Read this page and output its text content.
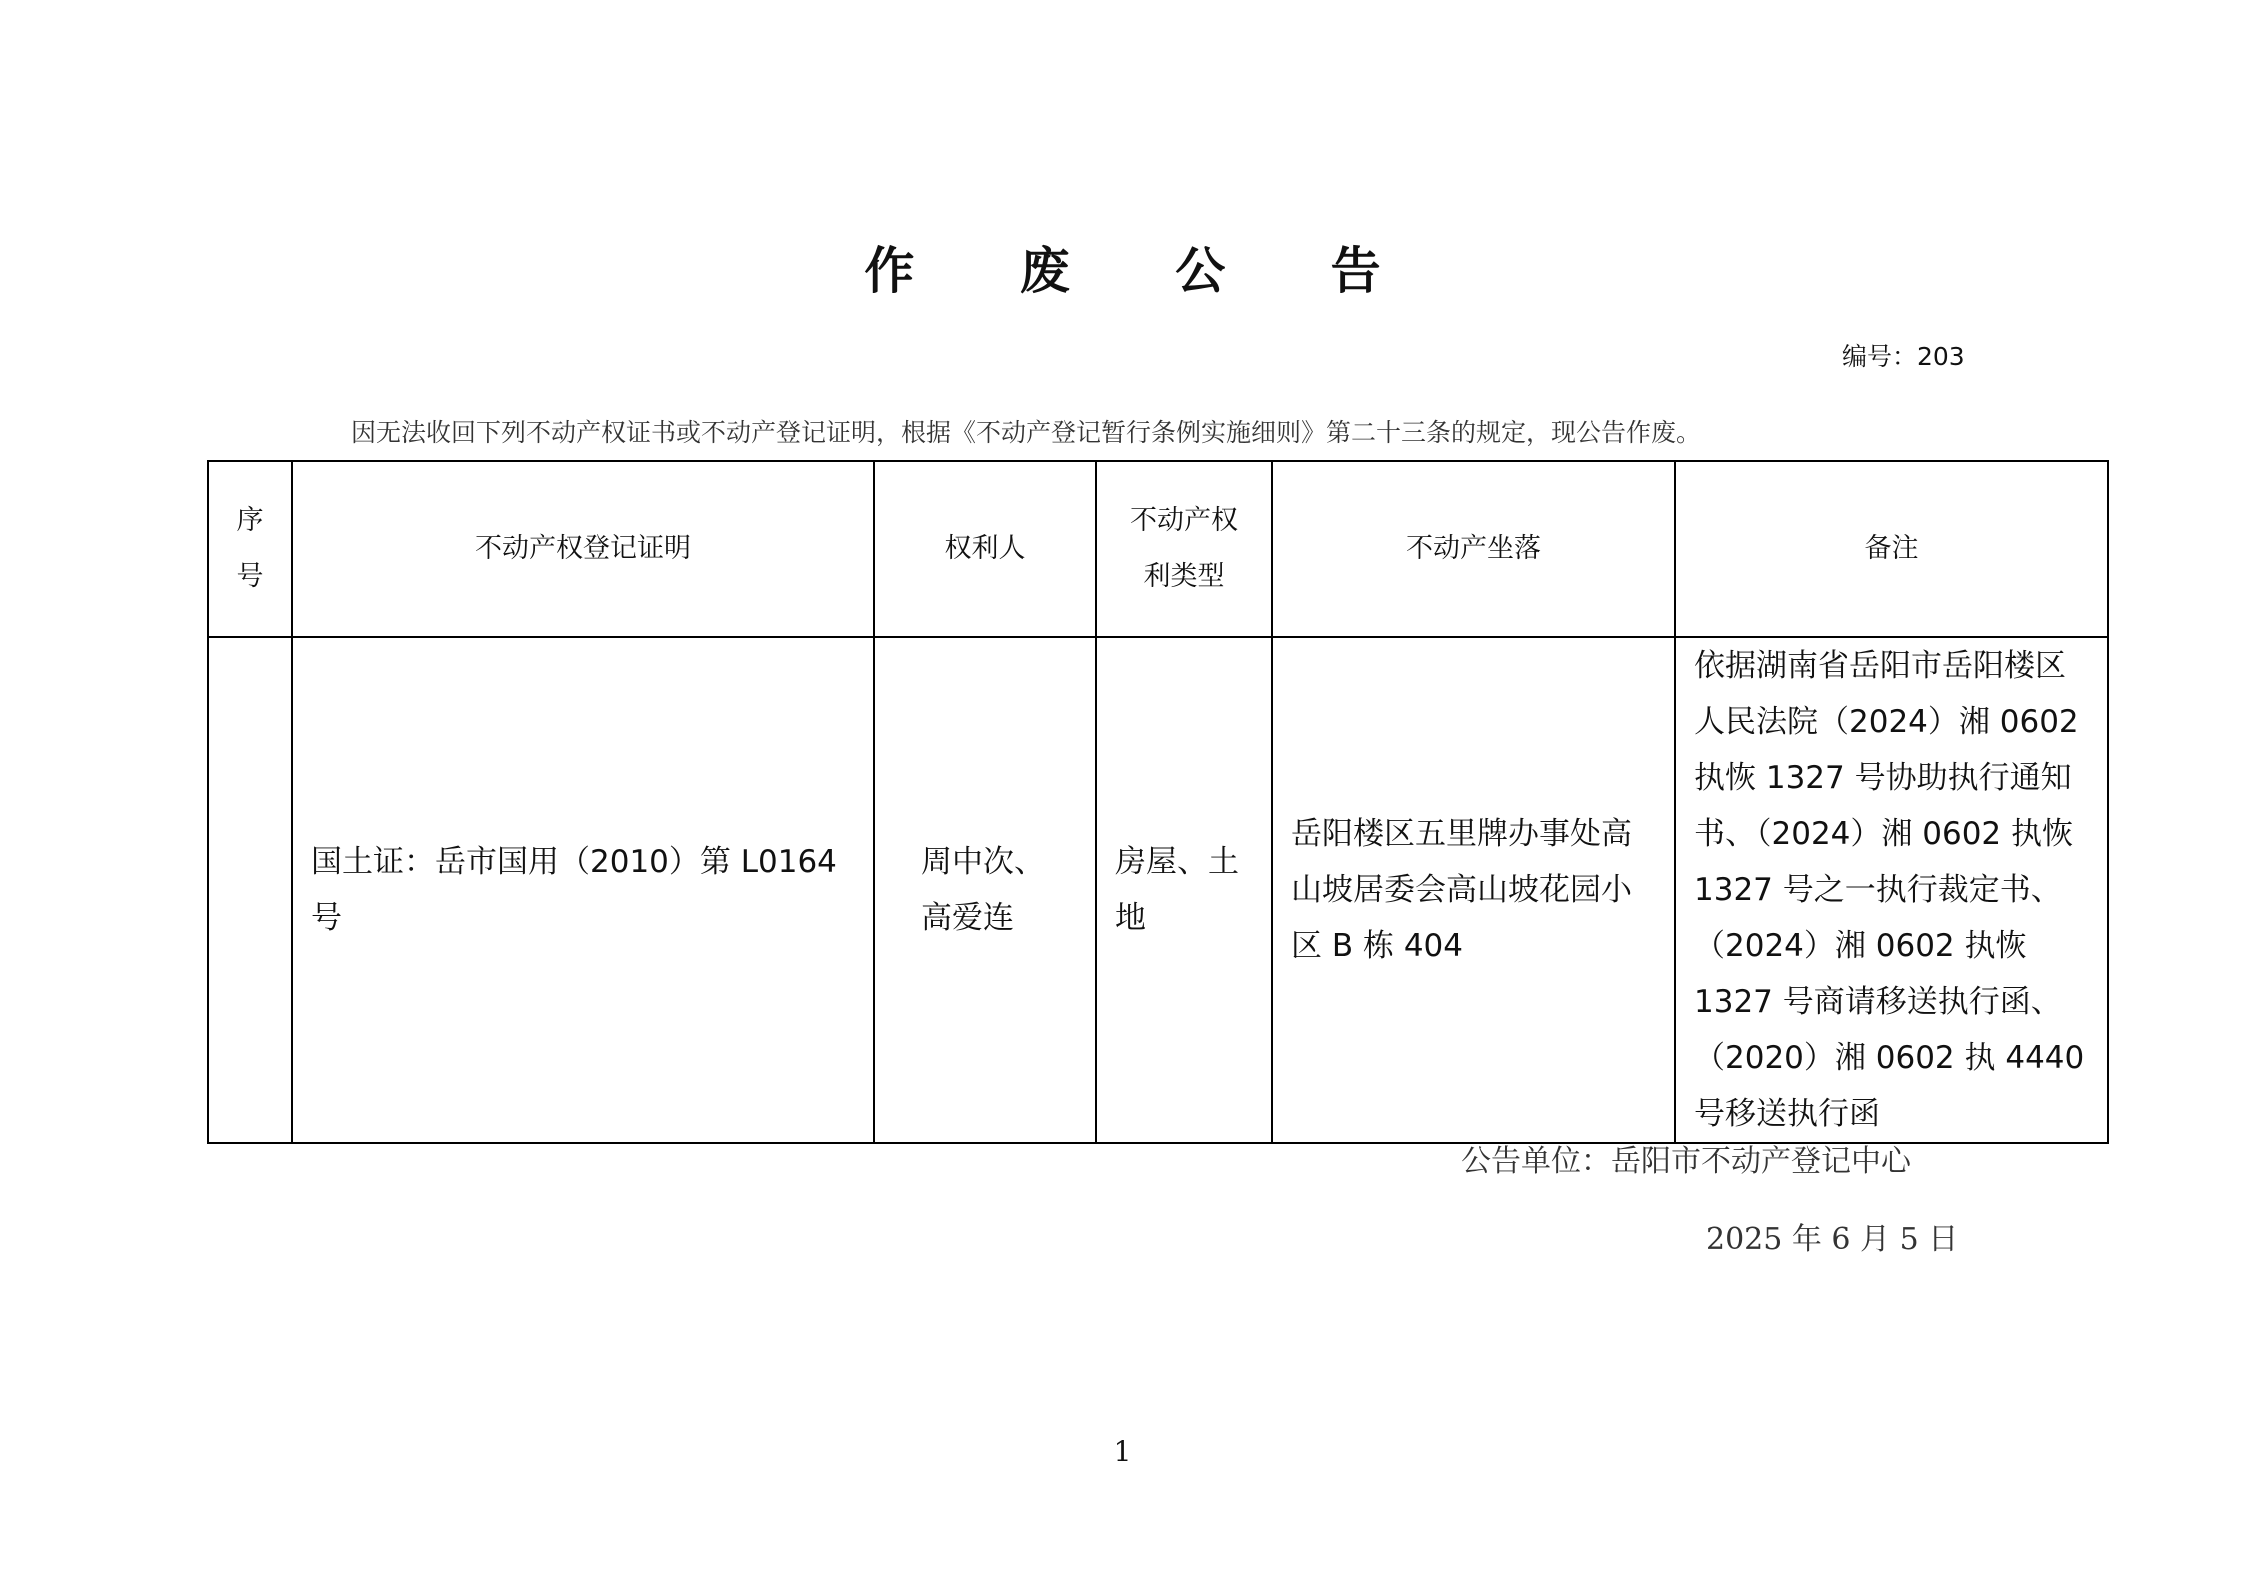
作 废 公 告
编号：203
因无法收回下列不动产权证书或不动产登记证明，根据《不动产登记暂行条例实施细则》第二十三条的规定，现公告作废。
序号	不动产权登记证明	权利人	不动产权利类型	不动产坐落	备注
	国土证：岳市国用（2010）第 L0164 号	周中次、高爱连	房屋、土地	岳阳楼区五里牌办事处高山坡居委会高山坡花园小区 B 栋 404	依据湖南省岳阳市岳阳楼区人民法院（2024）湘 0602 执恢 1327 号协助执行通知书、（2024）湘 0602 执恢 1327 号之一执行裁定书、（2024）湘 0602 执恢 1327 号商请移送执行函、（2020）湘 0602 执 4440 号移送执行函
公告单位：岳阳市不动产登记中心
2025 年 6 月 5 日
1
